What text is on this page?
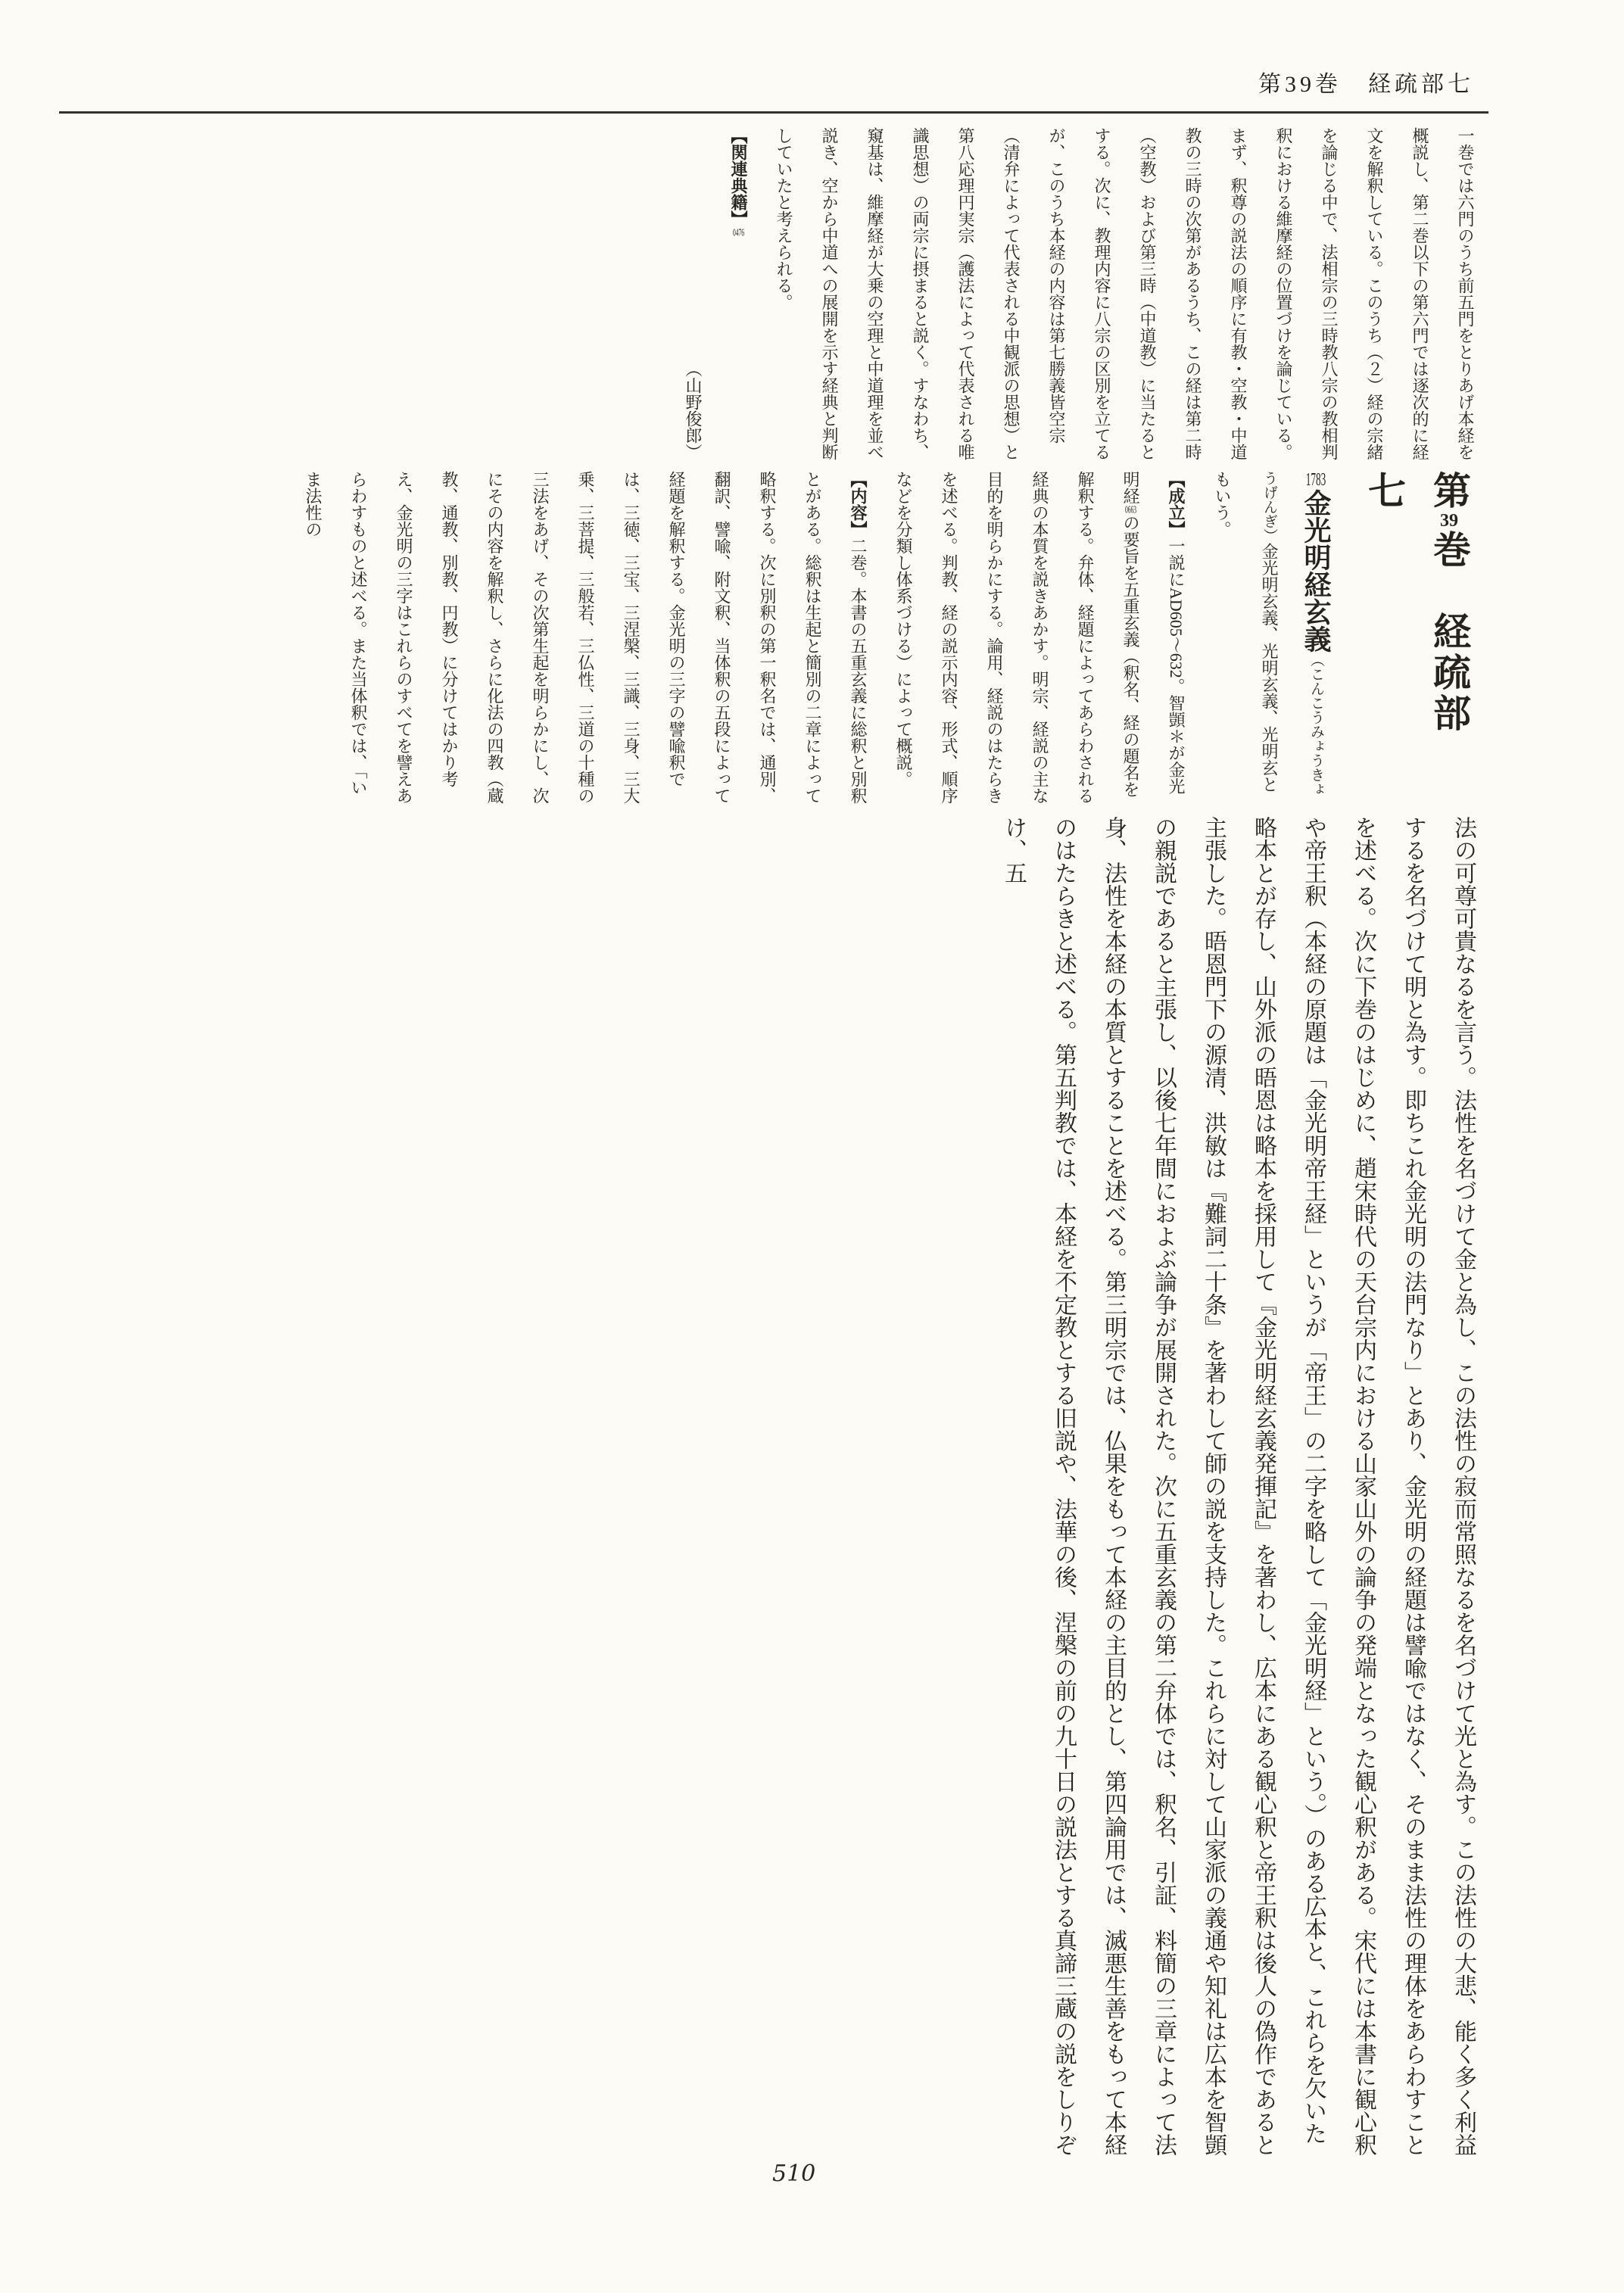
第39巻　経疏部七

一巻では六門のうち前五門をとりあげ本経を概説し、第二巻以下の第六門では逐次的に経文を解釈している。このうち（２）経の宗緒を論じる中で、法相宗の三時教八宗の教相判釈における維摩経の位置づけを論じている。まず、釈尊の説法の順序に有教・空教・中道教の三時の次第があるうち、この経は第二時（空教）および第三時（中道教）に当たるとする。次に、教理内容に八宗の区別を立てるが、このうち本経の内容は第七勝義皆空宗（清弁によって代表される中観派の思想）と第八応理円実宗（護法によって代表される唯識思想）の両宗に摂まると説く。すなわち、窺基は、維摩経が大乗の空理と中道理を並べ説き、空から中道への展開を示す経典と判断していたと考えられる。

【関連典籍】0476

（山野俊郎）

第39巻　経疏部　七

1783金光明経玄義（こんこうみょうきょうげんぎ）金光明玄義、光明玄義、光明玄ともいう。

【成立】一説にAD605～632。智顗＊が金光明経0663の要旨を五重玄義（釈名、経の題名を解釈する。弁体、経題によってあらわされる経典の本質を説きあかす。明宗、経説の主な目的を明らかにする。論用、経説のはたらきを述べる。判教、経の説示内容、形式、順序などを分類し体系づける）によって概説。

【内容】二巻。本書の五重玄義に総釈と別釈とがある。総釈は生起と簡別の二章によって略釈する。次に別釈の第一釈名では、通別、翻訳、譬喩、附文釈、当体釈の五段によって経題を解釈する。金光明の三字の譬喩釈では、三徳、三宝、三涅槃、三識、三身、三大乗、三菩提、三般若、三仏性、三道の十種の三法をあげ、その次第生起を明らかにし、次にその内容を解釈し、さらに化法の四教（蔵教、通教、別教、円教）に分けてはかり考え、金光明の三字はこれらのすべてを譬えあらわすものと述べる。また当体釈では、「いま法性の

法の可尊可貴なるを言う。法性を名づけて金と為し、この法性の寂而常照なるを名づけて光と為す。この法性の大悲、能く多く利益するを名づけて明と為す。即ちこれ金光明の法門なり」とあり、金光明の経題は譬喩ではなく、そのまま法性の理体をあらわすことを述べる。次に下巻のはじめに、趙宋時代の天台宗内における山家山外の論争の発端となった観心釈がある。宋代には本書に観心釈や帝王釈（本経の原題は「金光明帝王経」というが「帝王」の二字を略して「金光明経」という。）のある広本と、これらを欠いた略本とが存し、山外派の晤恩は略本を採用して『金光明経玄義発揮記』を著わし、広本にある観心釈と帝王釈は後人の偽作であると主張した。晤恩門下の源清、洪敏は『難詞二十条』を著わして師の説を支持した。これらに対して山家派の義通や知礼は広本を智顗の親説であると主張し、以後七年間におよぶ論争が展開された。次に五重玄義の第二弁体では、釈名、引証、料簡の三章によって法身、法性を本経の本質とすることを述べる。第三明宗では、仏果をもって本経の主目的とし、第四論用では、滅悪生善をもって本経のはたらきと述べる。第五判教では、本経を不定教とする旧説や、法華の後、涅槃の前の九十日の説法とする真諦三蔵の説をしりぞけ、五

510
